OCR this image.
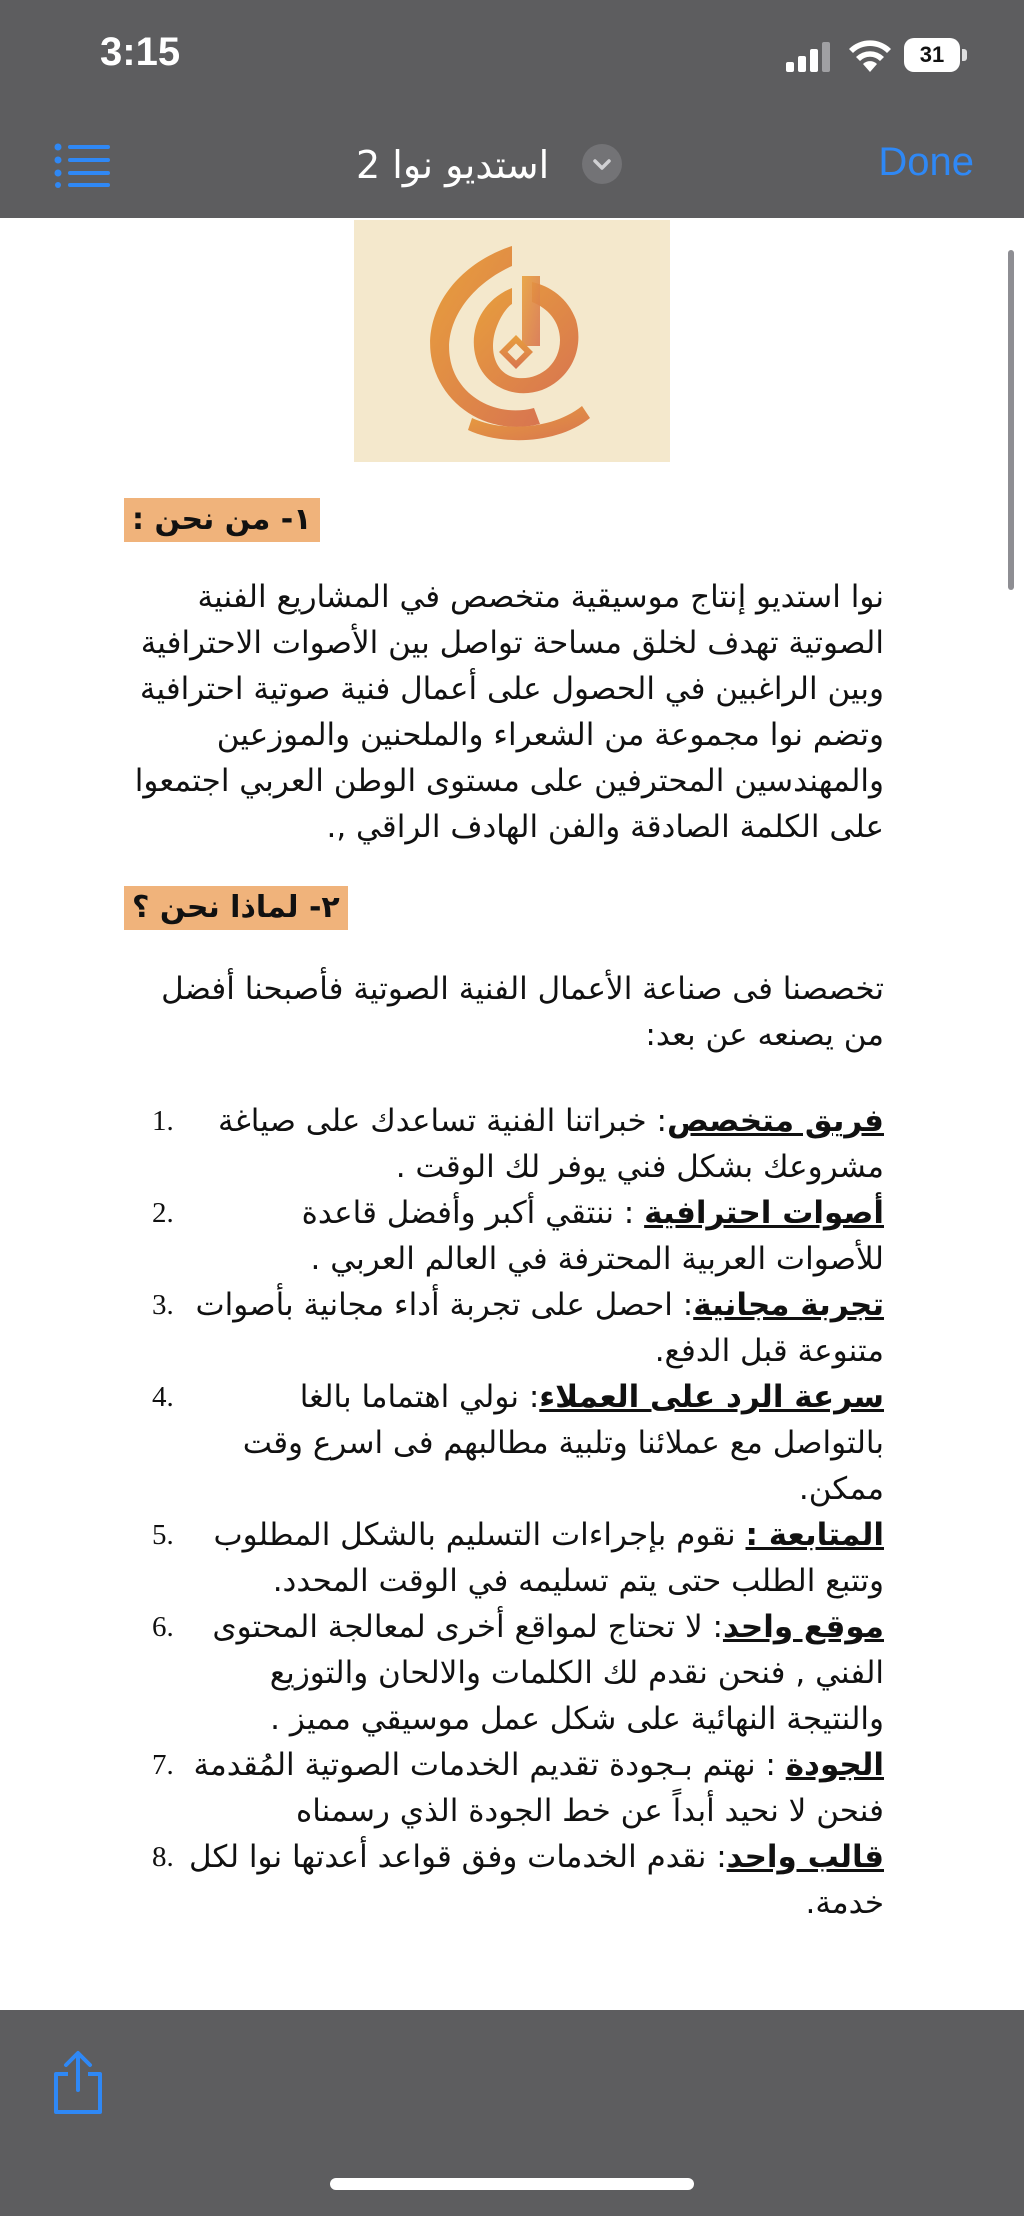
3:15	31
استديو نوا 2	Done
١- من نحن :
نوا استديو إنتاج موسيقية متخصص في المشاريع الفنية الصوتية تهدف لخلق مساحة تواصل بين الأصوات الاحترافية وبين الراغبين في الحصول على أعمال فنية صوتية احترافية وتضم نوا مجموعة من الشعراء والملحنين والموزعين والمهندسين المحترفين على مستوى الوطن العربي اجتمعوا على الكلمة الصادقة والفن الهادف الراقي ,.
٢- لماذا نحن ؟
تخصصنا فى صناعة الأعمال الفنية الصوتية فأصبحنا أفضل من يصنعه عن بعد:
1.	فريق متخصص: خبراتنا الفنية تساعدك على صياغة مشروعك بشكل فني يوفر لك الوقت .
2.	أصوات احترافية : ننتقي أكبر وأفضل قاعدة للأصوات العربية المحترفة في العالم العربي .
3.	تجربة مجانية: احصل على تجربة أداء مجانية بأصوات متنوعة قبل الدفع.
4.	سرعة الرد على العملاء: نولي اهتماما بالغا بالتواصل مع عملائنا وتلبية مطالبهم فى اسرع وقت ممكن.
5.	المتابعة : نقوم بإجراءات التسليم بالشكل المطلوب وتتبع الطلب حتى يتم تسليمه في الوقت المحدد.
6.	موقع واحد: لا تحتاج لمواقع أخرى لمعالجة المحتوى الفني , فنحن نقدم لك الكلمات والالحان والتوزيع والنتيجة النهائية على شكل عمل موسيقي مميز .
7.	الجودة : نهتم بـجودة تقديم الخدمات الصوتية المُقدمة فنحن لا نحيد أبداً عن خط الجودة الذي رسمناه
8.	قالب واحد: نقدم الخدمات وفق قواعد أعدتها نوا لكل خدمة.
